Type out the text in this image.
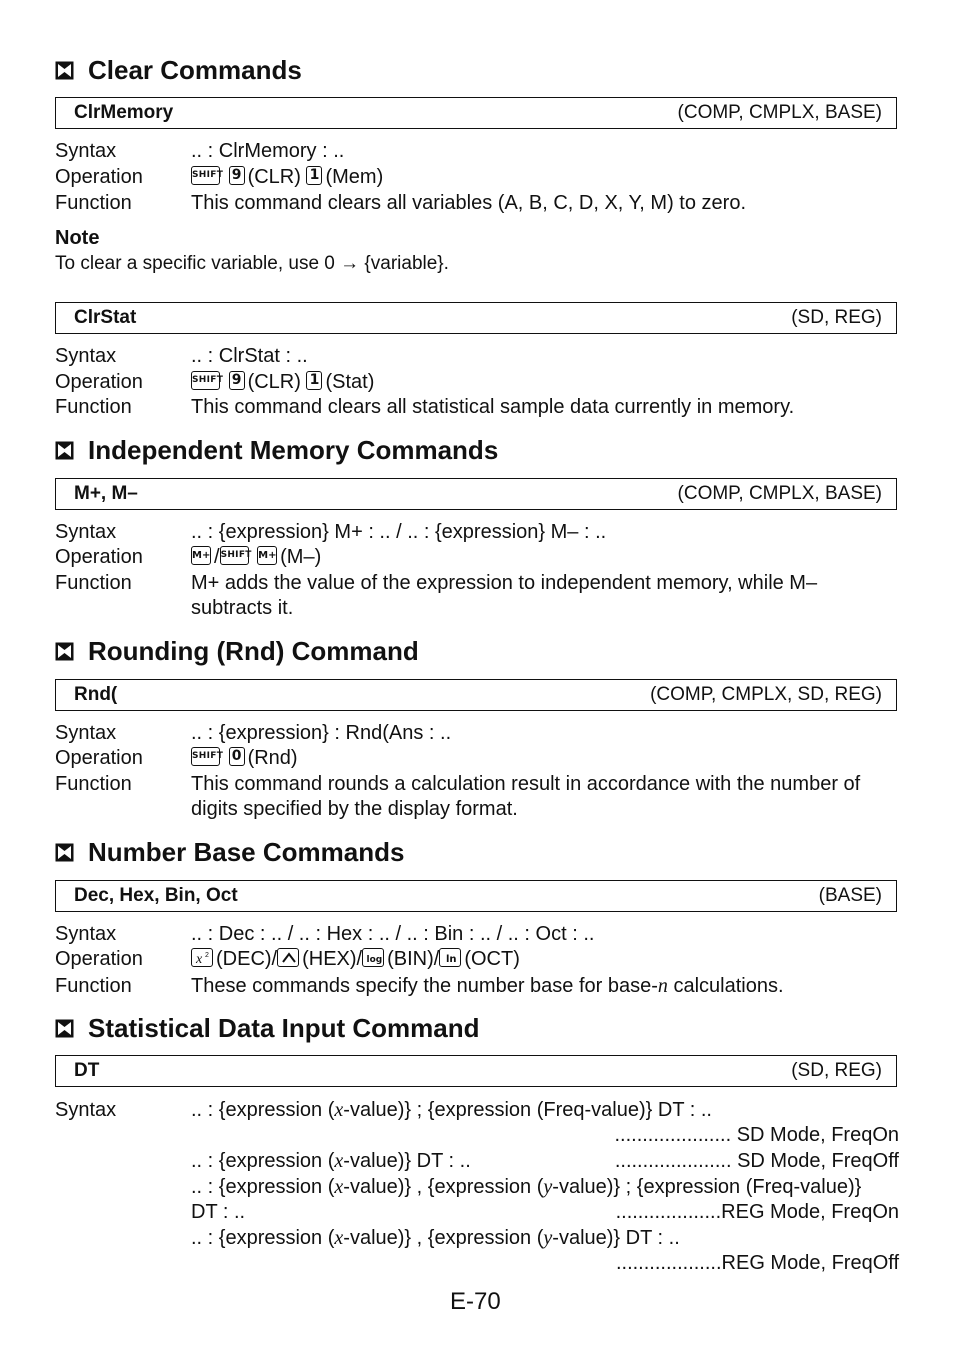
Clear Commands
ClrMemory	(COMP, CMPLX, BASE)
Syntax	.. : ClrMemory : ..
Operation	SHIFT 9 (CLR) 1 (Mem)
Function	This command clears all variables (A, B, C, D, X, Y, M) to zero.
Note
To clear a specific variable, use 0 → {variable}.
ClrStat	(SD, REG)
Syntax	.. : ClrStat : ..
Operation	SHIFT 9 (CLR) 1 (Stat)
Function	This command clears all statistical sample data currently in memory.
Independent Memory Commands
M+, M–	(COMP, CMPLX, BASE)
Syntax	.. : {expression} M+ : .. / .. : {expression} M– : ..
Operation	M+ /SHIFT M+ (M–)
Function	M+ adds the value of the expression to independent memory, while M– subtracts it.
Rounding (Rnd) Command
Rnd(	(COMP, CMPLX, SD, REG)
Syntax	.. : {expression} : Rnd(Ans : ..
Operation	SHIFT 0 (Rnd)
Function	This command rounds a calculation result in accordance with the number of digits specified by the display format.
Number Base Commands
Dec, Hex, Bin, Oct	(BASE)
Syntax	.. : Dec : .. / .. : Hex : .. / .. : Bin : .. / .. : Oct : ..
Operation	x 2 (DEC)/ (HEX)/ log (BIN)/ ln (OCT)
Function	These commands specify the number base for base-n calculations.
Statistical Data Input Command
DT	(SD, REG)
Syntax	.. : {expression (x-value)} ; {expression (Freq-value)} DT : ..
..................... SD Mode, FreqOn
.. : {expression (x-value)} DT : ..	..................... SD Mode, FreqOff
.. : {expression (x-value)} , {expression (y-value)} ; {expression (Freq-value)}
DT : ..	...................REG Mode, FreqOn
.. : {expression (x-value)} , {expression (y-value)} DT : ..
...................REG Mode, FreqOff
E-70
